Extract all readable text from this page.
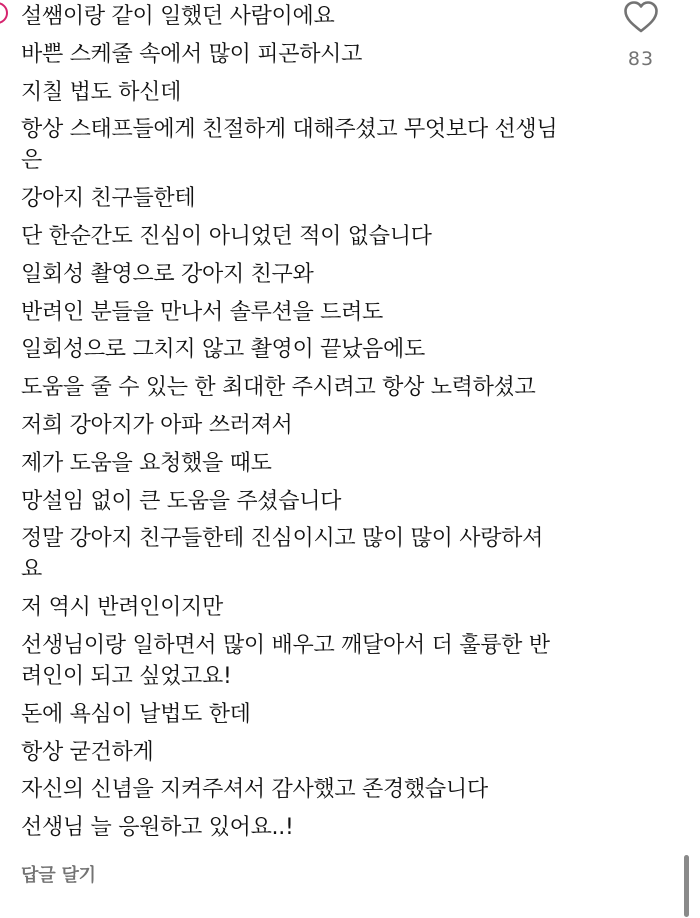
설쌤이랑 같이 일했던 사람이에요
바쁜 스케줄 속에서 많이 피곤하시고
지칠 법도 하신데
항상 스태프들에게 친절하게 대해주셨고 무엇보다 선생님
은
강아지 친구들한테
단 한순간도 진심이 아니었던 적이 없습니다
일회성 촬영으로 강아지 친구와
반려인 분들을 만나서 솔루션을 드려도
일회성으로 그치지 않고 촬영이 끝났음에도
도움을 줄 수 있는 한 최대한 주시려고 항상 노력하셨고
저희 강아지가 아파 쓰러져서
제가 도움을 요청했을 때도
망설임 없이 큰 도움을 주셨습니다
정말 강아지 친구들한테 진심이시고 많이 많이 사랑하셔
요
저 역시 반려인이지만
선생님이랑 일하면서 많이 배우고 깨달아서 더 훌륭한 반
려인이 되고 싶었고요!
돈에 욕심이 날법도 한데
항상 굳건하게
자신의 신념을 지켜주셔서 감사했고 존경했습니다
선생님 늘 응원하고 있어요..!
83
답글 달기
